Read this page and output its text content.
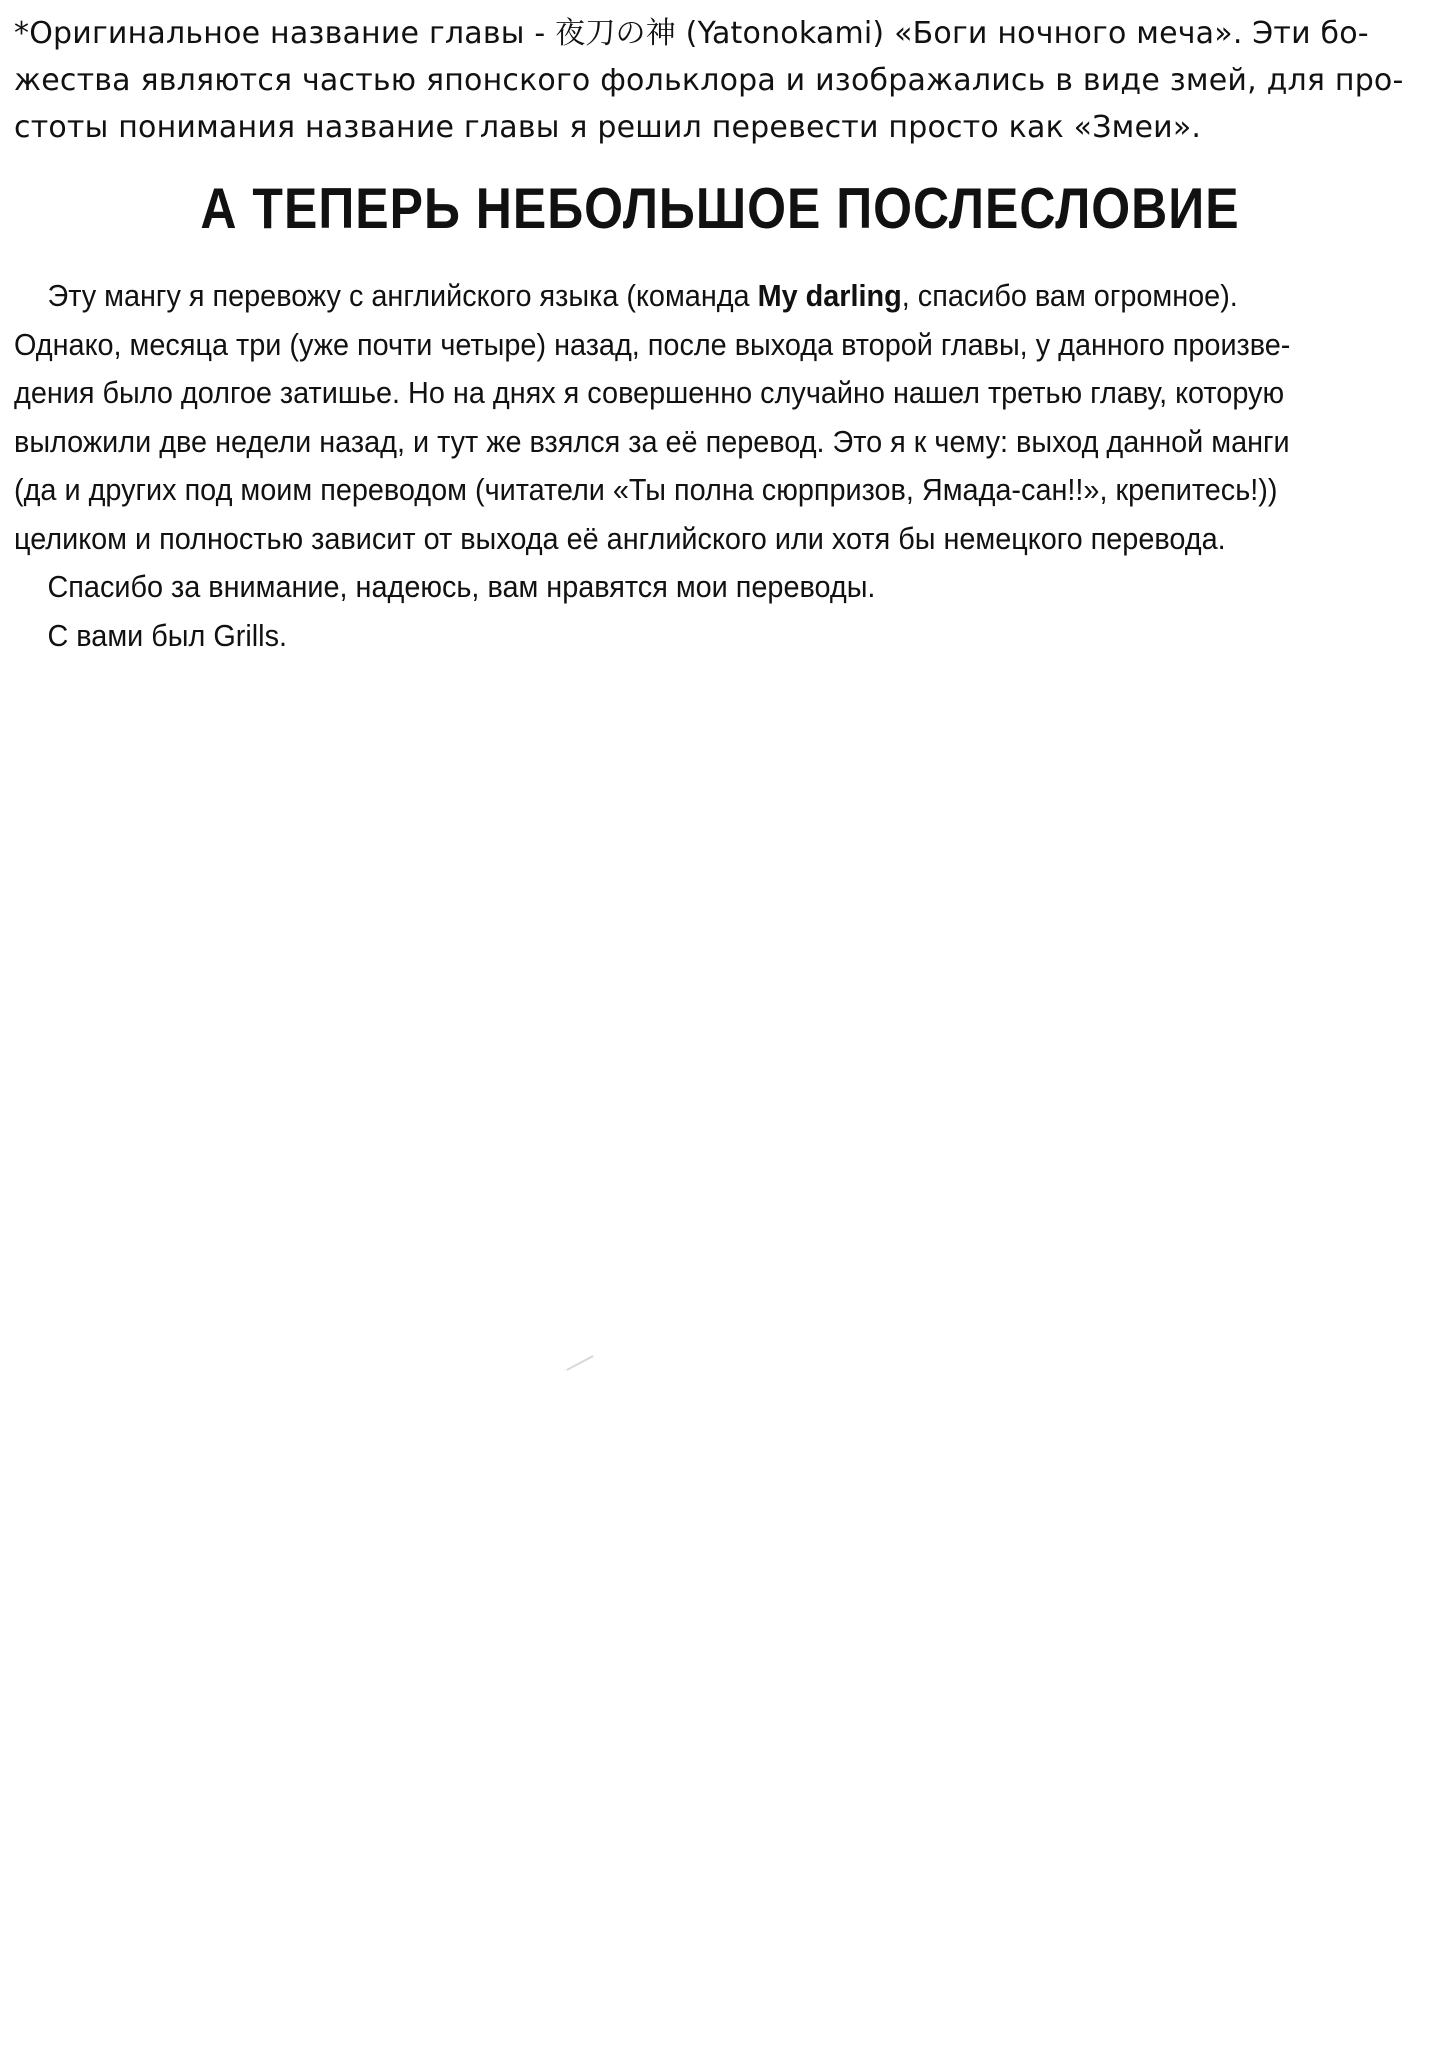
*Оригинальное название главы - 夜刀の神 (Yatonokami) «Боги ночного меча». Эти бо-
жества являются частью японского фольклора и изображались в виде змей, для про-
стоты понимания название главы я решил перевести просто как «Змеи».
А ТЕПЕРЬ НЕБОЛЬШОЕ ПОСЛЕСЛОВИЕ
Эту мангу я перевожу с английского языка (команда My darling, спасибо вам огромное).
Однако, месяца три (уже почти четыре) назад, после выхода второй главы, у данного произве-
дения было долгое затишье. Но на днях я совершенно случайно нашел третью главу, которую
выложили две недели назад, и тут же взялся за её перевод. Это я к чему: выход данной манги
(да и других под моим переводом (читатели «Ты полна сюрпризов, Ямада-сан!!», крепитесь!))
целиком и полностью зависит от выхода её английского или хотя бы немецкого перевода.
Спасибо за внимание, надеюсь, вам нравятся мои переводы.
С вами был Grills.
